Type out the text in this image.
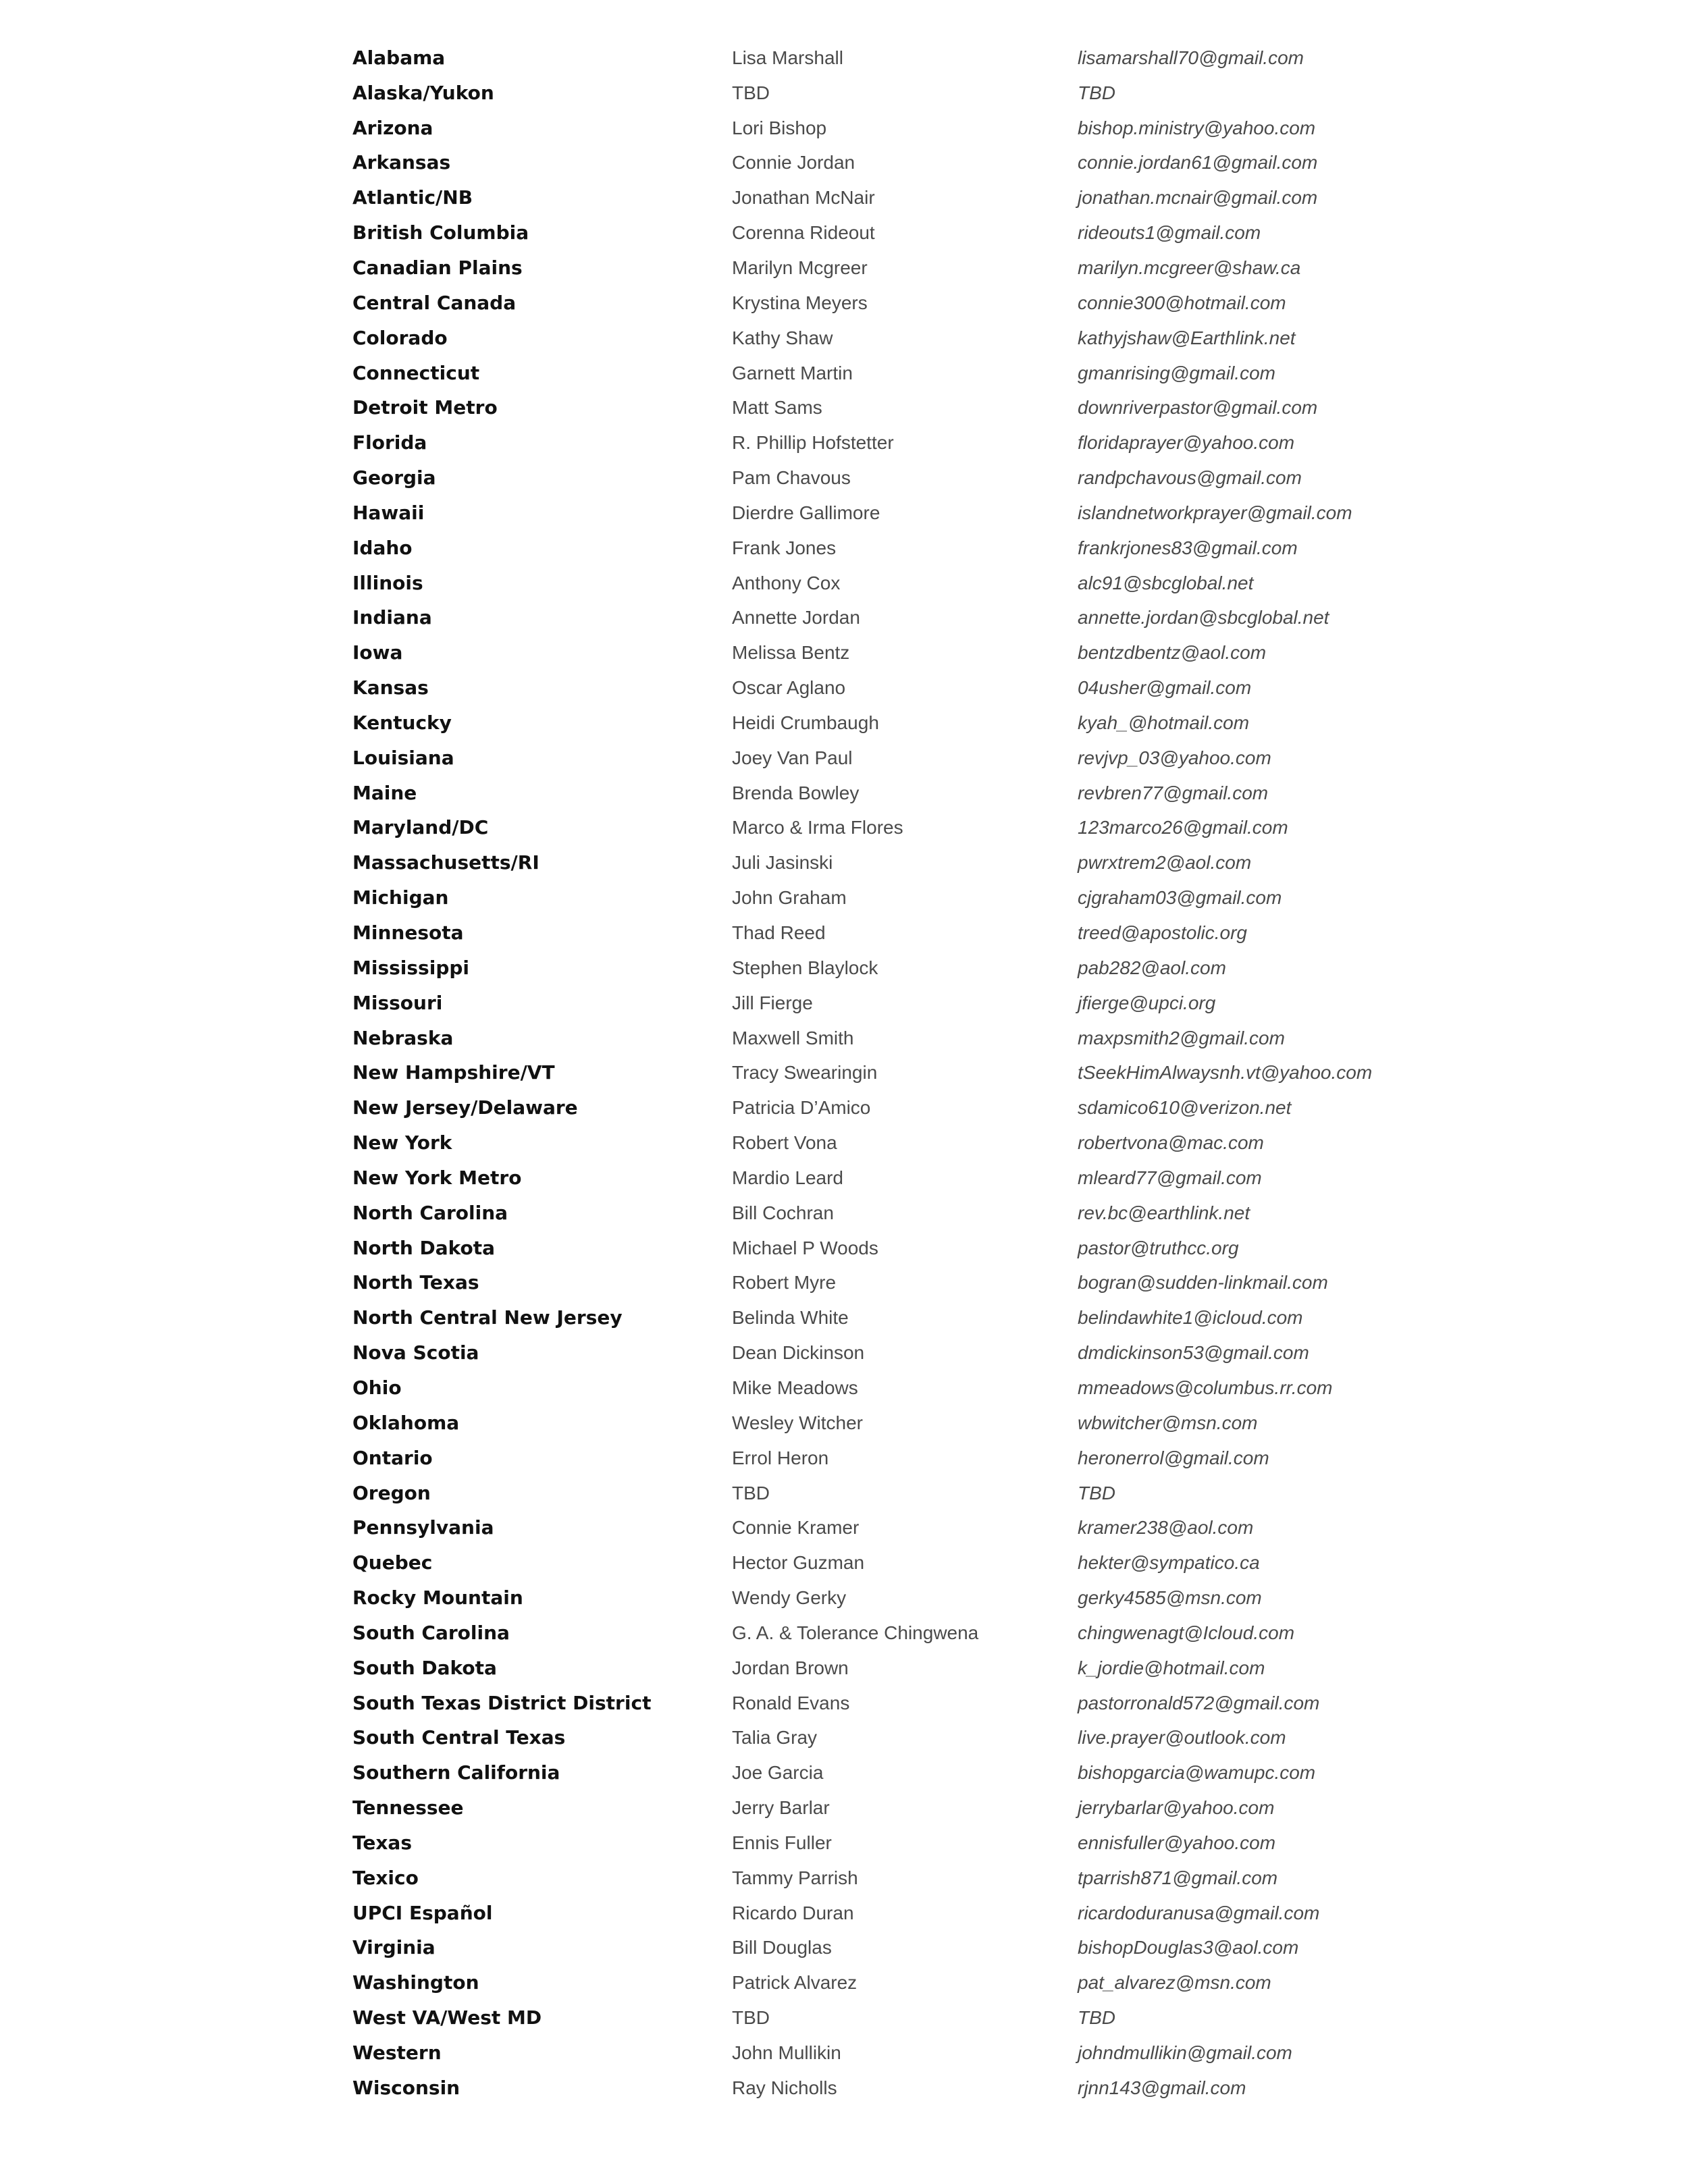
Alabama	Lisa Marshall	lisamarshall70@gmail.com
Alaska/Yukon	TBD	TBD
Arizona	Lori Bishop	bishop.ministry@yahoo.com
Arkansas	Connie Jordan	connie.jordan61@gmail.com
Atlantic/NB	Jonathan McNair	jonathan.mcnair@gmail.com
British Columbia	Corenna Rideout	rideouts1@gmail.com
Canadian Plains	Marilyn Mcgreer	marilyn.mcgreer@shaw.ca
Central Canada	Krystina Meyers	connie300@hotmail.com
Colorado	Kathy Shaw	kathyjshaw@Earthlink.net
Connecticut	Garnett Martin	gmanrising@gmail.com
Detroit Metro	Matt Sams	downriverpastor@gmail.com
Florida	R. Phillip Hofstetter	floridaprayer@yahoo.com
Georgia	Pam Chavous	randpchavous@gmail.com
Hawaii	Dierdre Gallimore	islandnetworkprayer@gmail.com
Idaho	Frank Jones	frankrjones83@gmail.com
Illinois	Anthony Cox	alc91@sbcglobal.net
Indiana	Annette Jordan	annette.jordan@sbcglobal.net
Iowa	Melissa Bentz	bentzdbentz@aol.com
Kansas	Oscar Aglano	04usher@gmail.com
Kentucky	Heidi Crumbaugh	kyah_@hotmail.com
Louisiana	Joey Van Paul	revjvp_03@yahoo.com
Maine	Brenda Bowley	revbren77@gmail.com
Maryland/DC	Marco & Irma Flores	123marco26@gmail.com
Massachusetts/RI	Juli Jasinski	pwrxtrem2@aol.com
Michigan	John Graham	cjgraham03@gmail.com
Minnesota	Thad Reed	treed@apostolic.org
Mississippi	Stephen Blaylock	pab282@aol.com
Missouri	Jill Fierge	jfierge@upci.org
Nebraska	Maxwell Smith	maxpsmith2@gmail.com
New Hampshire/VT	Tracy Swearingin	tSeekHimAlwaysnh.vt@yahoo.com
New Jersey/Delaware	Patricia D’Amico	sdamico610@verizon.net
New York	Robert Vona	robertvona@mac.com
New York Metro	Mardio Leard	mleard77@gmail.com
North Carolina	Bill Cochran	rev.bc@earthlink.net
North Dakota	Michael P Woods	pastor@truthcc.org
North Texas	Robert Myre	bogran@sudden-linkmail.com
North Central New Jersey	Belinda White	belindawhite1@icloud.com
Nova Scotia	Dean Dickinson	dmdickinson53@gmail.com
Ohio	Mike Meadows	mmeadows@columbus.rr.com
Oklahoma	Wesley Witcher	wbwitcher@msn.com
Ontario	Errol Heron	heronerrol@gmail.com
Oregon	TBD	TBD
Pennsylvania	Connie Kramer	kramer238@aol.com
Quebec	Hector Guzman	hekter@sympatico.ca
Rocky Mountain	Wendy Gerky	gerky4585@msn.com
South Carolina	G. A. & Tolerance Chingwena	chingwenagt@Icloud.com
South Dakota	Jordan Brown	k_jordie@hotmail.com
South Texas District District	Ronald Evans	pastorronald572@gmail.com
South Central Texas	Talia Gray	live.prayer@outlook.com
Southern California	Joe Garcia	bishopgarcia@wamupc.com
Tennessee	Jerry Barlar	jerrybarlar@yahoo.com
Texas	Ennis Fuller	ennisfuller@yahoo.com
Texico	Tammy Parrish	tparrish871@gmail.com
UPCI Español	Ricardo Duran	ricardoduranusa@gmail.com
Virginia	Bill Douglas	bishopDouglas3@aol.com
Washington	Patrick Alvarez	pat_alvarez@msn.com
West VA/West MD	TBD	TBD
Western	John Mullikin	johndmullikin@gmail.com
Wisconsin	Ray Nicholls	rjnn143@gmail.com
